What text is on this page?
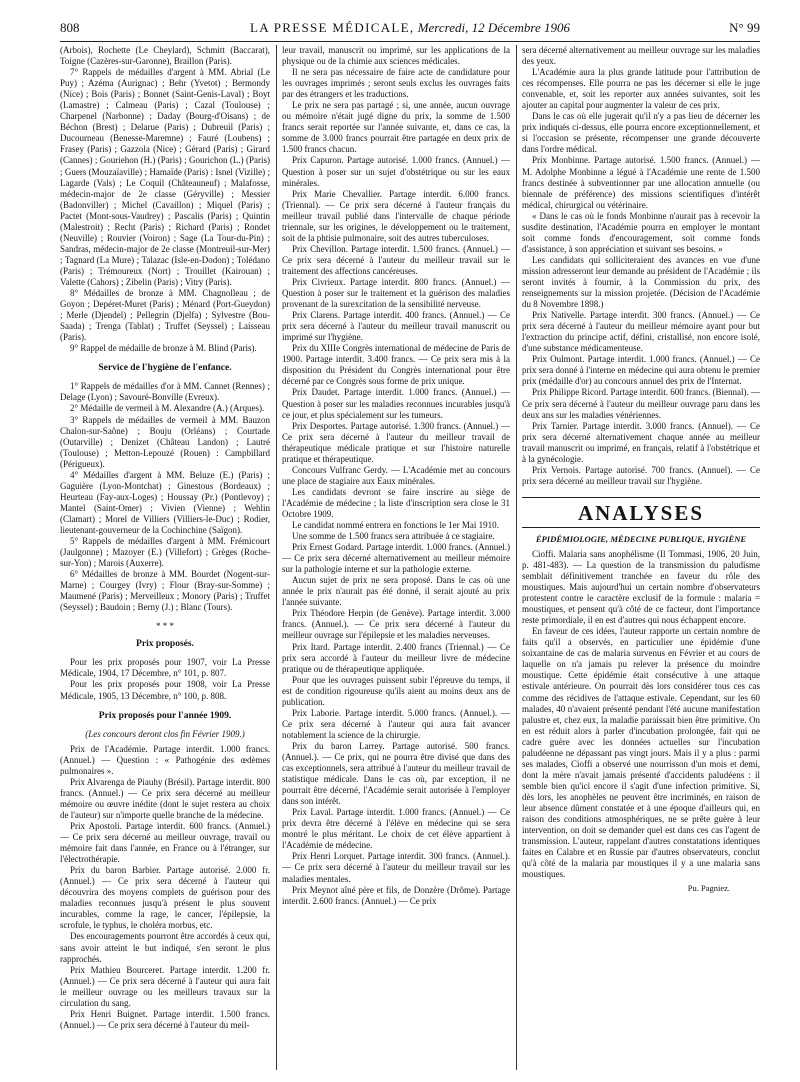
808	LA PRESSE MÉDICALE, Mercredi, 12 Décembre 1906	N° 99

(Arbois), Rochette (Le Cheylard), Schmitt (Baccarat), Toigne (Cazères-sur-Garonne), Braillon (Paris).

7° Rappels de médailles d'argent à MM. Abrial (Le Puy) ; Azéma (Aurignac) ; Behr (Yvetot) ; Bermondy (Nice) ; Bois (Paris) ; Bonnet (Saint-Genis-Laval) ; Boyt (Lamastre) ; Calmeau (Paris) ; Cazal (Toulouse) ; Charpenel (Narbonne) ; Daday (Bourg-d'Oisans) ; de Béchon (Brest) ; Delarue (Paris) ; Dubreuil (Paris) ; Ducourneau (Benesse-Maremne) ; Fauré (Loubens) ; Frasey (Paris) ; Gazzola (Nice) ; Gérard (Paris) ; Girard (Cannes) ; Gouriehon (H.) (Paris) ; Gourichon (L.) (Paris) ; Guers (Mouzaïaville) ; Hamaïde (Paris) : Isnel (Vizille) ; Lagarde (Vals) ; Le Coquil (Châteauneuf) ; Malafosse, médecin-major de 2e classe (Géryville) ; Messier (Badonviller) ; Michel (Cavaillon) ; Miquel (Paris) ; Pactet (Mont-sous-Vaudrey) ; Pascalis (Paris) ; Quintin (Malestroit) ; Recht (Paris) ; Richard (Paris) ; Rondet (Neuville) ; Rouvier (Voiron) ; Sage (La Tour-du-Pin) ; Sandras, médecin-major de 2e classe (Montreuil-sur-Mer) ; Tagnard (La Mure) ; Talazac (Isle-en-Dodon) ; Tolédano (Paris) ; Trémoureux (Nort) ; Trouillet (Kairouan) ; Valette (Cahors) ; Zibelin (Paris) ; Vitry (Paris).

8° Médailles de bronze à MM. Chagnolleau ; de Goyon ; Depéret-Muret (Paris) ; Ménard (Port-Gueydon) ; Merle (Djendel) ; Pellegrin (Djelfa) ; Sylvestre (Bou-Saada) ; Trenga (Tablat) ; Truffet (Seyssel) ; Laisseau (Paris).

9° Rappel de médaille de bronze à M. Blind (Paris).

Service de l'hygiène de l'enfance.

1° Rappels de médailles d'or à MM. Cannet (Rennes) ; Delage (Lyon) ; Savouré-Bonville (Evreux).

2° Médaille de vermeil à M. Alexandre (A.) (Arques).

3° Rappels de médailles de vermeil à MM. Bauzon Chalon-sur-Saône) ; Bouju (Orléans) ; Courtade (Outarville) ; Denizet (Château Landon) ; Lautré (Toulouse) ; Metton-Lepouzé (Rouen) : Campbillard (Périgueux).

4° Médailles d'argent à MM. Beluze (E.) (Paris) ; Gaguière (Lyon-Montchat) ; Ginestous (Bordeaux) ; Heurteau (Fay-aux-Loges) ; Houssay (Pr.) (Pontlevoy) ; Mantel (Saint-Omer) ; Vivien (Vienne) ; Wehlin (Clamart) ; Morel de Villiers (Villiers-le-Duc) ; Rodier, lieutenant-gouverneur de la Cochinchine (Saïgon).

5° Rappels de médailles d'argent à MM. Frémicourt (Jaulgonne) ; Mazoyer (E.) (Villefort) ; Grèges (Roche-sur-Yon) ; Marois (Auxerre).

6° Médailles de bronze à MM. Bourdet (Nogent-sur-Marne) ; Courgey (Ivry) ; Flour (Bray-sur-Somme) ; Maumené (Paris) ; Merveilleux ; Monory (Paris) ; Truffet (Seyssel) ; Baudoin ; Berny (J.) ; Blanc (Tours).

* * *
Prix proposés.

Pour les prix proposés pour 1907, voir La Presse Médicale, 1904, 17 Décembre, n° 101, p. 807.

Pour les prix proposés pour 1908, voir La Presse Médicale, 1905, 13 Décembre, n° 100, p. 808.

Prix proposés pour l'année 1909.
(Les concours deront clos fin Février 1909.)

Prix de l'Académie. Partage interdit. 1.000 francs. (Annuel.) — Question : « Pathogénie des œdèmes pulmonaires ».

Prix Alvarenga de Piauhy (Brésil). Partage interdit. 800 francs. (Annuel.) — Ce prix sera décerné au meilleur mémoire ou œuvre inédite (dont le sujet restera au choix de l'auteur) sur n'importe quelle branche de la médecine.

Prix Apostoli. Partage interdit. 600 francs. (Annuel.) — Ce prix sera décerné au meilleur ouvrage, travail ou mémoire fait dans l'année, en France ou à l'étranger, sur l'électrothérapie.

Prix du baron Barbier. Partage autorisé. 2.000 fr. (Annuel.) — Ce prix sera décerné à l'auteur qui découvrira des moyens complets de guérison pour des maladies reconnues jusqu'à présent le plus souvent incurables, comme la rage, le cancer, l'épilepsie, la scrofule, le typhus, le choléra morbus, etc.

Des encouragements pourront être accordés à ceux qui, sans avoir atteint le but indiqué, s'en seront le plus rapprochés.

Prix Mathieu Bourceret. Partage interdit. 1.200 fr. (Annuel.) — Ce prix sera décerné à l'auteur qui aura fait le meilleur ouvrage ou les meilleurs travaux sur la circulation du sang.

Prix Henri Buignet. Partage interdit. 1.500 francs. (Annuel.) — Ce prix sera décerné à l'auteur du meil-

leur travail, manuscrit ou imprimé, sur les applications de la physique ou de la chimie aux sciences médicales.

Il ne sera pas nécessaire de faire acte de candidature pour les ouvrages imprimés ; seront seuls exclus les ouvrages faits par des étrangers et les traductions.

Le prix ne sera pas partagé ; si, une année, aucun ouvrage ou mémoire n'était jugé digne du prix, la somme de 1.500 francs serait reportée sur l'année suivante, et, dans ce cas, la somme de 3.000 francs pourrait être partagée en deux prix de 1.500 francs chacun.

Prix Capuron. Partage autorisé. 1.000 francs. (Annuel.) — Question à poser sur un sujet d'obstétrique ou sur les eaux minérales.

Prix Marie Chevallier. Partage interdit. 6.000 francs. (Triennal). — Ce prix sera décerné à l'auteur français du meilleur travail publié dans l'intervalle de chaque période triennale, sur les origines, le développement ou le traitement, soit de la phtisie pulmonaire, soit des autres tuberculoses.

Prix Chevillon. Partage interdit. 1.500 francs. (Annuel.) — Ce prix sera décerné à l'auteur du meilleur travail sur le traitement des affections cancéreuses.

Prix Civrieux. Partage interdit. 800 francs. (Annuel.) — Question à poser sur le traitement et la guérison des maladies provenant de la surexcitation de la sensibilité nerveuse.

Prix Clarens. Partage interdit. 400 francs. (Annuel.) — Ce prix sera décerné à l'auteur du meilleur travail manuscrit ou imprimé sur l'hygiène.

Prix du XIIIe Congrès international de médecine de Paris de 1900. Partage interdit. 3.400 francs. — Ce prix sera mis à la disposition du Président du Congrès international pour être décerné par ce Congrès sous forme de prix unique.

Prix Daudet. Partage interdit. 1.000 francs. (Annuel.) — Question à poser sur les maladies reconnues incurables jusqu'à ce jour, et plus spécialement sur les tumeurs.

Prix Desportes. Partage autorisé. 1.300 francs. (Annuel.) — Ce prix sera décerné à l'auteur du meilleur travail de thérapeutique médicale pratique et sur l'histoire naturelle pratique et thérapeutique.

Concours Vulfranc Gerdy. — L'Académie met au concours une place de stagiaire aux Eaux minérales.

Les candidats devront se faire inscrire au siège de l'Académie de médecine ; la liste d'inscription sera close le 31 Octobre 1909.

Le candidat nommé entrera en fonctions le 1er Mai 1910.

Une somme de 1.500 francs sera attribuée à ce stagiaire.

Prix Ernest Godard. Partage interdit. 1.000 francs. (Annuel.) — Ce prix sera décerné alternativement au meilleur mémoire sur la pathologie interne et sur la pathologie externe.

Aucun sujet de prix ne sera proposé. Dans le cas où une année le prix n'aurait pas été donné, il serait ajouté au prix l'année suivante.

Prix Théodore Herpin (de Genève). Partage interdit. 3.000 francs. (Annuel.). — Ce prix sera décerné à l'auteur du meilleur ouvrage sur l'épilepsie et les maladies nerveuses.

Prix Itard. Partage interdit. 2.400 francs (Triennal.) — Ce prix sera accordé à l'auteur du meilleur livre de médecine pratique ou de thérapeutique appliquée.

Pour que les ouvrages puissent subir l'épreuve du temps, il est de condition rigoureuse qu'ils aient au moins deux ans de publication.

Prix Laborie. Partage interdit. 5.000 francs. (Annuel.). — Ce prix sera décerné à l'auteur qui aura fait avancer notablement la science de la chirurgie.

Prix du baron Larrey. Partage autorisé. 500 francs. (Annuel.). — Ce prix, qui ne pourra être divisé que dans des cas exceptionnels, sera attribué à l'auteur du meilleur travail de statistique médicale. Dans le cas où, par exception, il ne pourrait être décerné, l'Académie serait autorisée à l'employer dans son intérêt.

Prix Laval. Partage interdit. 1.000 francs. (Annuel.) — Ce prix devra être décerné à l'élève en médecine qui se sera montré le plus méritant. Le choix de cet élève appartient à l'Académie de médecine.

Prix Henri Lorquet. Partage interdit. 300 francs. (Annuel.). — Ce prix sera décerné à l'auteur du meilleur travail sur les maladies mentales.

Prix Meynot aîné père et fils, de Donzère (Drôme). Partage interdit. 2.600 francs. (Annuel.) — Ce prix

sera décerné alternativement au meilleur ouvrage sur les maladies des yeux.

L'Académie aura la plus grande latitude pour l'attribution de ces récompenses. Elle pourra ne pas les décerner si elle le juge convenable, et, soit les reporter aux années suivantes, soit les ajouter au capital pour augmenter la valeur de ces prix.

Dans le cas où elle jugerait qu'il n'y a pas lieu de décerner les prix indiqués ci-dessus, elle pourra encore exceptionnellement, et si l'occasion se présente, récompenser une grande découverte dans l'ordre médical.

Prix Monbinne. Partage autorisé. 1.500 francs. (Annuel.) — M. Adolphe Monbinne a légué à l'Académie une rente de 1.500 francs destinée à subventionner par une allocation annuelle (ou biennale de préférence) des missions scientifiques d'intérêt médical, chirurgical ou vétérinaire.

« Dans le cas où le fonds Monbinne n'aurait pas à recevoir la susdite destination, l'Académie pourra en employer le montant soit comme fonds d'encouragement, soit comme fonds d'assistance, à son appréciation et suivant ses besoins. »

Les candidats qui solliciteraient des avances en vue d'une mission adresseront leur demande au président de l'Académie ; ils seront invités à fournir, à la Commission du prix, des renseignements sur la mission projetée. (Décision de l'Académie du 8 Novembre 1898.)

Prix Nativelle. Partage interdit. 300 francs. (Annuel.) — Ce prix sera décerné à l'auteur du meilleur mémoire ayant pour but l'extraction du principe actif, défini, cristallisé, non encore isolé, d'une substance médicamenteuse.

Prix Oulmont. Partage interdit. 1.000 francs. (Annuel.) — Ce prix sera donné à l'interne en médecine qui aura obtenu le premier prix (médaille d'or) au concours annuel des prix de l'Internat.

Prix Philippe Ricord. Partage interdit. 600 francs. (Biennal). — Ce prix sera décerné à l'auteur du meilleur ouvrage paru dans les deux ans sur les maladies vénériennes.

Prix Tarnier. Partage interdit. 3.000 francs. (Annuel). — Ce prix sera décerné alternativement chaque année au meilleur travail manuscrit ou imprimé, en français, relatif à l'obstétrique et à la gynécologie.

Prix Vernois. Partage autorisé. 700 francs. (Annuel). — Ce prix sera décerné au meilleur travail sur l'hygiène.

ANALYSES
ÉPIDÉMIOLOGIE, MÉDECINE PUBLIQUE, HYGIÈNE

Cioffi. Malaria sans anophélisme (Il Tommasi, 1906, 20 Juin, p. 481-483). — La question de la transmission du paludisme semblait définitivement tranchée en faveur du rôle des moustiques. Mais aujourd'hui un certain nombre d'observateurs protestent contre le caractère exclusif de la formule : malaria = moustiques, et pensent qu'à côté de ce facteur, dont l'importance reste primordiale, il en est d'autres qui nous échappent encore.

En faveur de ces idées, l'auteur rapporte un certain nombre de faits qu'il a observés, en particulier une épidémie d'une soixantaine de cas de malaria survenus en Février et au cours de laquelle on n'a jamais pu relever la présence du moindre moustique. Cette épidémie était consécutive à une attaque estivale antérieure. On pourrait dès lors considérer tous ces cas comme des récidives de l'attaque estivale. Cependant, sur les 60 malades, 40 n'avaient présenté pendant l'été aucune manifestation palustre et, chez eux, la maladie paraissait bien être primitive. On en est réduit alors à parler d'incubation prolongée, fait qui ne cadre guère avec les données actuelles sur l'incubation paludéenne ne dépassant pas vingt jours. Mais il y a plus : parmi ses malades, Cioffi a observé une nourrisson d'un mois et demi, dont la mère n'avait jamais présenté d'accidents paludéens : il semble bien qu'ici encore il s'agit d'une infection primitive. Si, dès lors, les anophèles ne peuvent être incriminés, en raison de leur absence dûment constatée et à une époque d'ailleurs qui, en raison des conditions atmosphériques, ne se prête guère à leur intervention, on doit se demander quel est dans ces cas l'agent de transmission. L'auteur, rappelant d'autres constatations identiques faites en Calabre et en Russie par d'autres observateurs, conclut qu'à côté de la malaria par moustiques il y a une malaria sans moustiques.

Pu. Pagniez.
